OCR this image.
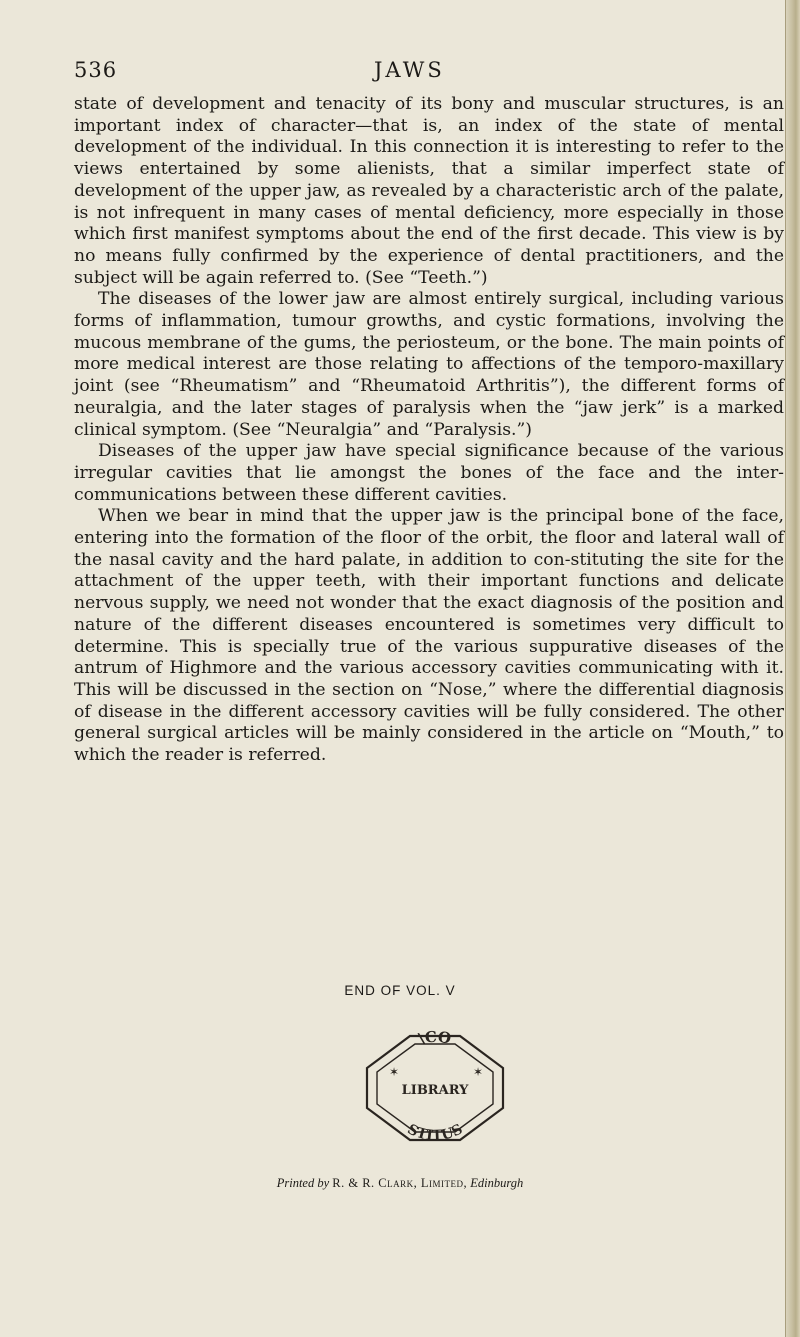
536	JAWS

state of development and tenacity of its bony and muscular structures, is an important index of character—that is, an index of the state of mental development of the individual. In this connection it is interesting to refer to the views entertained by some alienists, that a similar imperfect state of development of the upper jaw, as revealed by a characteristic arch of the palate, is not infrequent in many cases of mental deficiency, more especially in those which first manifest symptoms about the end of the first decade. This view is by no means fully confirmed by the experience of dental practitioners, and the subject will be again referred to. (See “Teeth.”)

The diseases of the lower jaw are almost entirely surgical, including various forms of inflammation, tumour growths, and cystic formations, involving the mucous membrane of the gums, the periosteum, or the bone. The main points of more medical interest are those relating to affections of the temporo-maxillary joint (see “Rheumatism” and “Rheumatoid Arthritis”), the different forms of neuralgia, and the later stages of paralysis when the “jaw jerk” is a marked clinical symptom. (See “Neuralgia” and “Paralysis.”)

Diseases of the upper jaw have special significance because of the various irregular cavities that lie amongst the bones of the face and the inter-communications between these different cavities.

When we bear in mind that the upper jaw is the principal bone of the face, entering into the formation of the floor of the orbit, the floor and lateral wall of the nasal cavity and the hard palate, in addition to con-stituting the site for the attachment of the upper teeth, with their important functions and delicate nervous supply, we need not wonder that the exact diagnosis of the position and nature of the different diseases encountered is sometimes very difficult to determine. This is specially true of the various suppurative diseases of the antrum of Highmore and the various accessory cavities communicating with it. This will be discussed in the section on “Nose,” where the differential diagnosis of disease in the different accessory cavities will be fully considered. The other general surgical articles will be mainly considered in the article on “Mouth,” to which the reader is referred.

END OF VOL. V
\CO
LIBRARY
STITUS
✶	✶
Printed by R. & R. Clark, Limited, Edinburgh
